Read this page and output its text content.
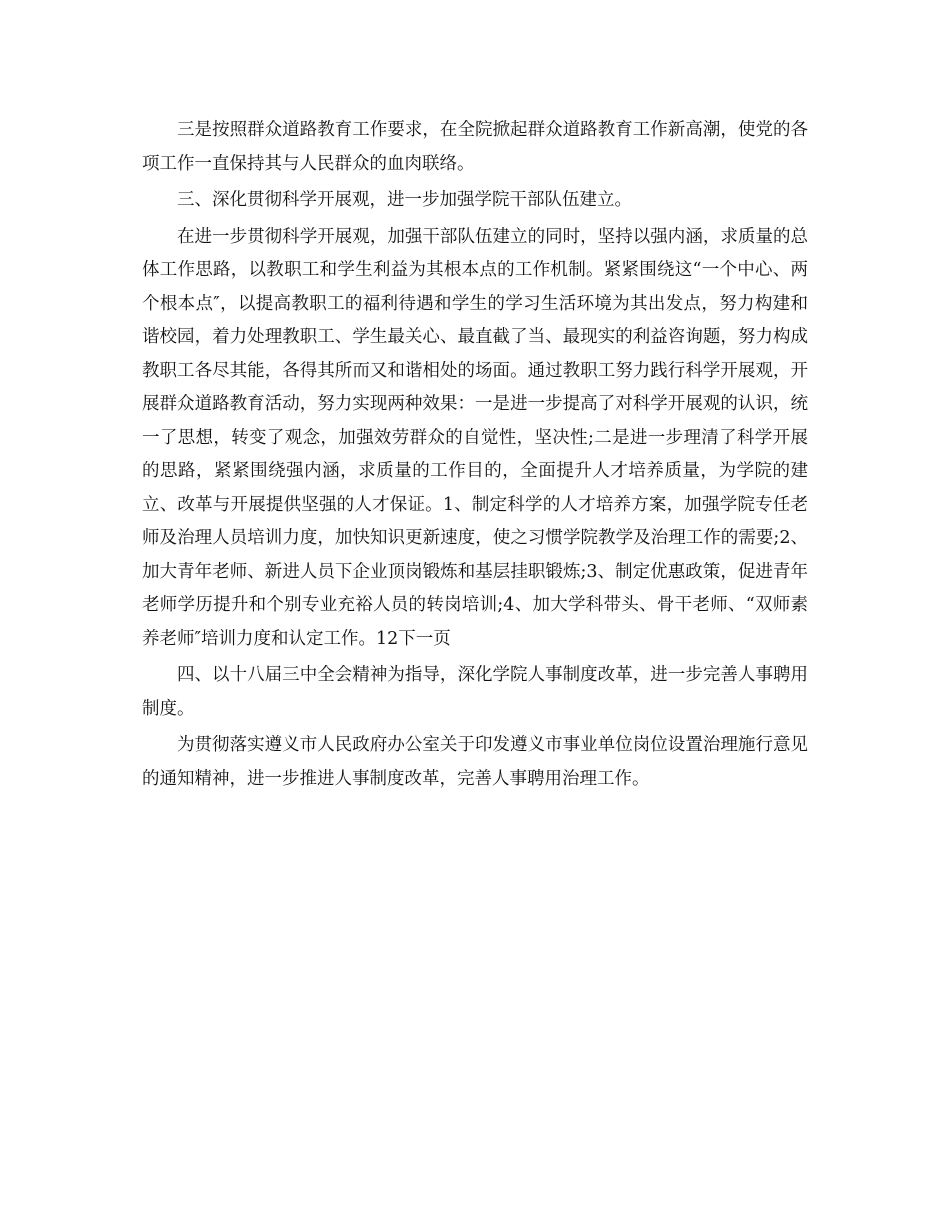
三是按照群众道路教育工作要求，在全院掀起群众道路教育工作新高潮，使党的各项工作一直保持其与人民群众的血肉联络。

三、深化贯彻科学开展观，进一步加强学院干部队伍建立。

在进一步贯彻科学开展观，加强干部队伍建立的同时，坚持以强内涵，求质量的总体工作思路，以教职工和学生利益为其根本点的工作机制。紧紧围绕这“一个中心、两个根本点″，以提高教职工的福利待遇和学生的学习生活环境为其出发点，努力构建和谐校园，着力处理教职工、学生最关心、最直截了当、最现实的利益咨询题，努力构成教职工各尽其能，各得其所而又和谐相处的场面。通过教职工努力践行科学开展观，开展群众道路教育活动，努力实现两种效果：一是进一步提高了对科学开展观的认识，统一了思想，转变了观念，加强效劳群众的自觉性，坚决性;二是进一步理清了科学开展的思路，紧紧围绕强内涵，求质量的工作目的，全面提升人才培养质量，为学院的建立、改革与开展提供坚强的人才保证。1、制定科学的人才培养方案，加强学院专任老师及治理人员培训力度，加快知识更新速度，使之习惯学院教学及治理工作的需要;2、加大青年老师、新进人员下企业顶岗锻炼和基层挂职锻炼;3、制定优惠政策，促进青年老师学历提升和个别专业充裕人员的转岗培训;4、加大学科带头、骨干老师、“双师素养老师″培训力度和认定工作。12下一页

四、以十八届三中全会精神为指导，深化学院人事制度改革，进一步完善人事聘用制度。

为贯彻落实遵义市人民政府办公室关于印发遵义市事业单位岗位设置治理施行意见的通知精神，进一步推进人事制度改革，完善人事聘用治理工作。
